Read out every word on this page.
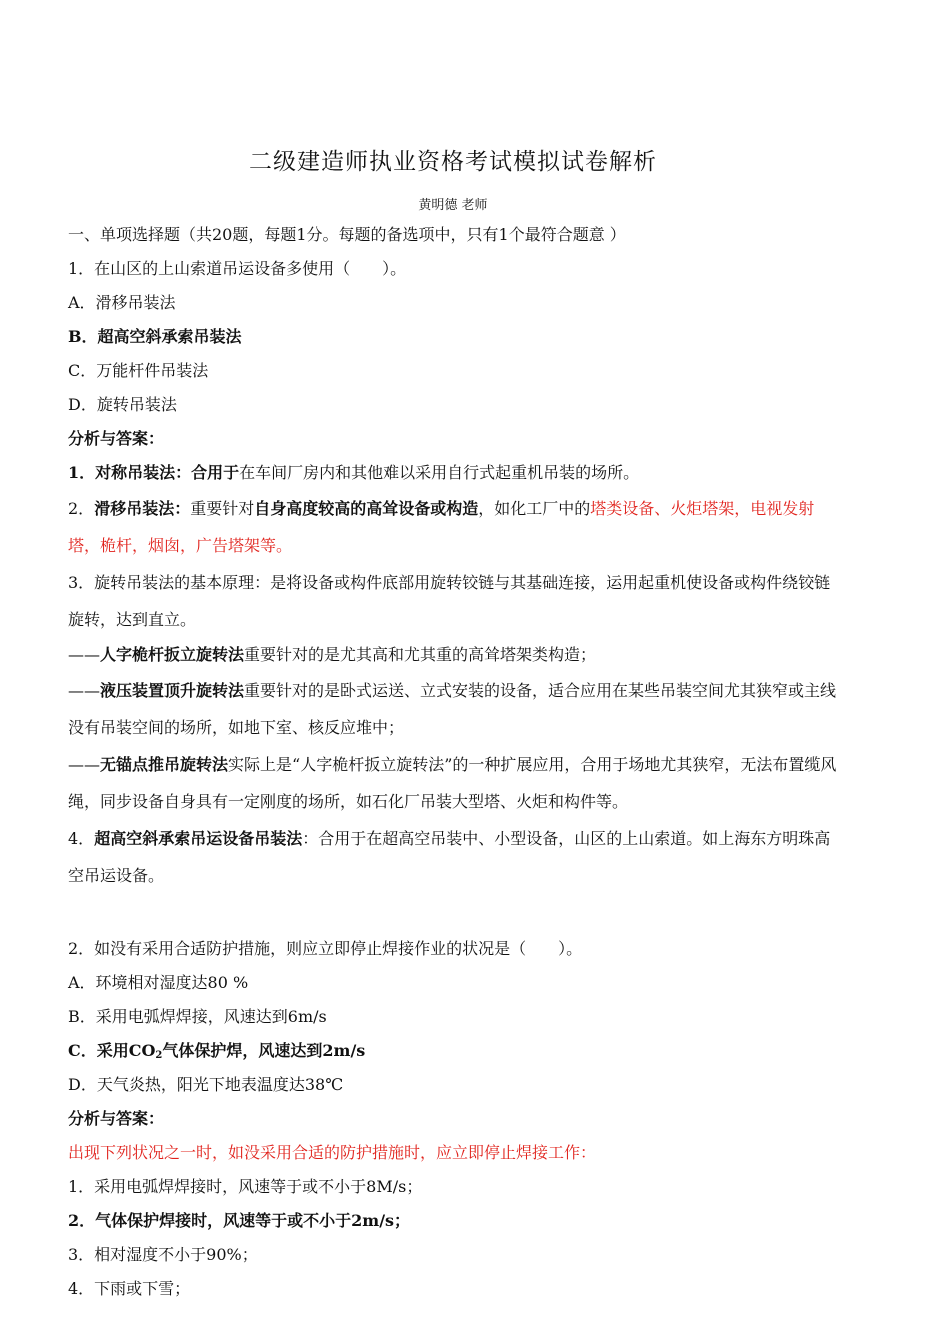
二级建造师执业资格考试模拟试卷解析
黄明德 老师
一、单项选择题（共20题，每题1分。每题的备选项中，只有1个最符合题意 ）
1．在山区的上山索道吊运设备多使用（　　）。
A．滑移吊装法
B．超高空斜承索吊装法
C．万能杆件吊装法
D．旋转吊装法
分析与答案：
1．对称吊装法：合用于在车间厂房内和其他难以采用自行式起重机吊装的场所。
2．滑移吊装法：重要针对自身高度较高的高耸设备或构造，如化工厂中的塔类设备、火炬塔架，电视发射塔，桅杆，烟囱，广告塔架等。
3．旋转吊装法的基本原理：是将设备或构件底部用旋转铰链与其基础连接，运用起重机使设备或构件绕铰链旋转，达到直立。
——人字桅杆扳立旋转法重要针对的是尤其高和尤其重的高耸塔架类构造；
——液压装置顶升旋转法重要针对的是卧式运送、立式安装的设备，适合应用在某些吊装空间尤其狭窄或主线没有吊装空间的场所，如地下室、核反应堆中；
——无锚点推吊旋转法实际上是“人字桅杆扳立旋转法”的一种扩展应用，合用于场地尤其狭窄，无法布置缆风绳，同步设备自身具有一定刚度的场所，如石化厂吊装大型塔、火炬和构件等。
4．超高空斜承索吊运设备吊装法：合用于在超高空吊装中、小型设备，山区的上山索道。如上海东方明珠高空吊运设备。
2．如没有采用合适防护措施，则应立即停止焊接作业的状况是（　　）。
A．环境相对湿度达80 %
B．采用电弧焊焊接，风速达到6m/s
C．采用$CO_2$气体保护焊，风速达到2m/s
D．天气炎热，阳光下地表温度达38℃
分析与答案：
出现下列状况之一时，如没采用合适的防护措施时，应立即停止焊接工作：
1．采用电弧焊焊接时，风速等于或不小于8M/s；
2．气体保护焊接时，风速等于或不小于2m/s；
3．相对湿度不小于90%；
4．下雨或下雪；
